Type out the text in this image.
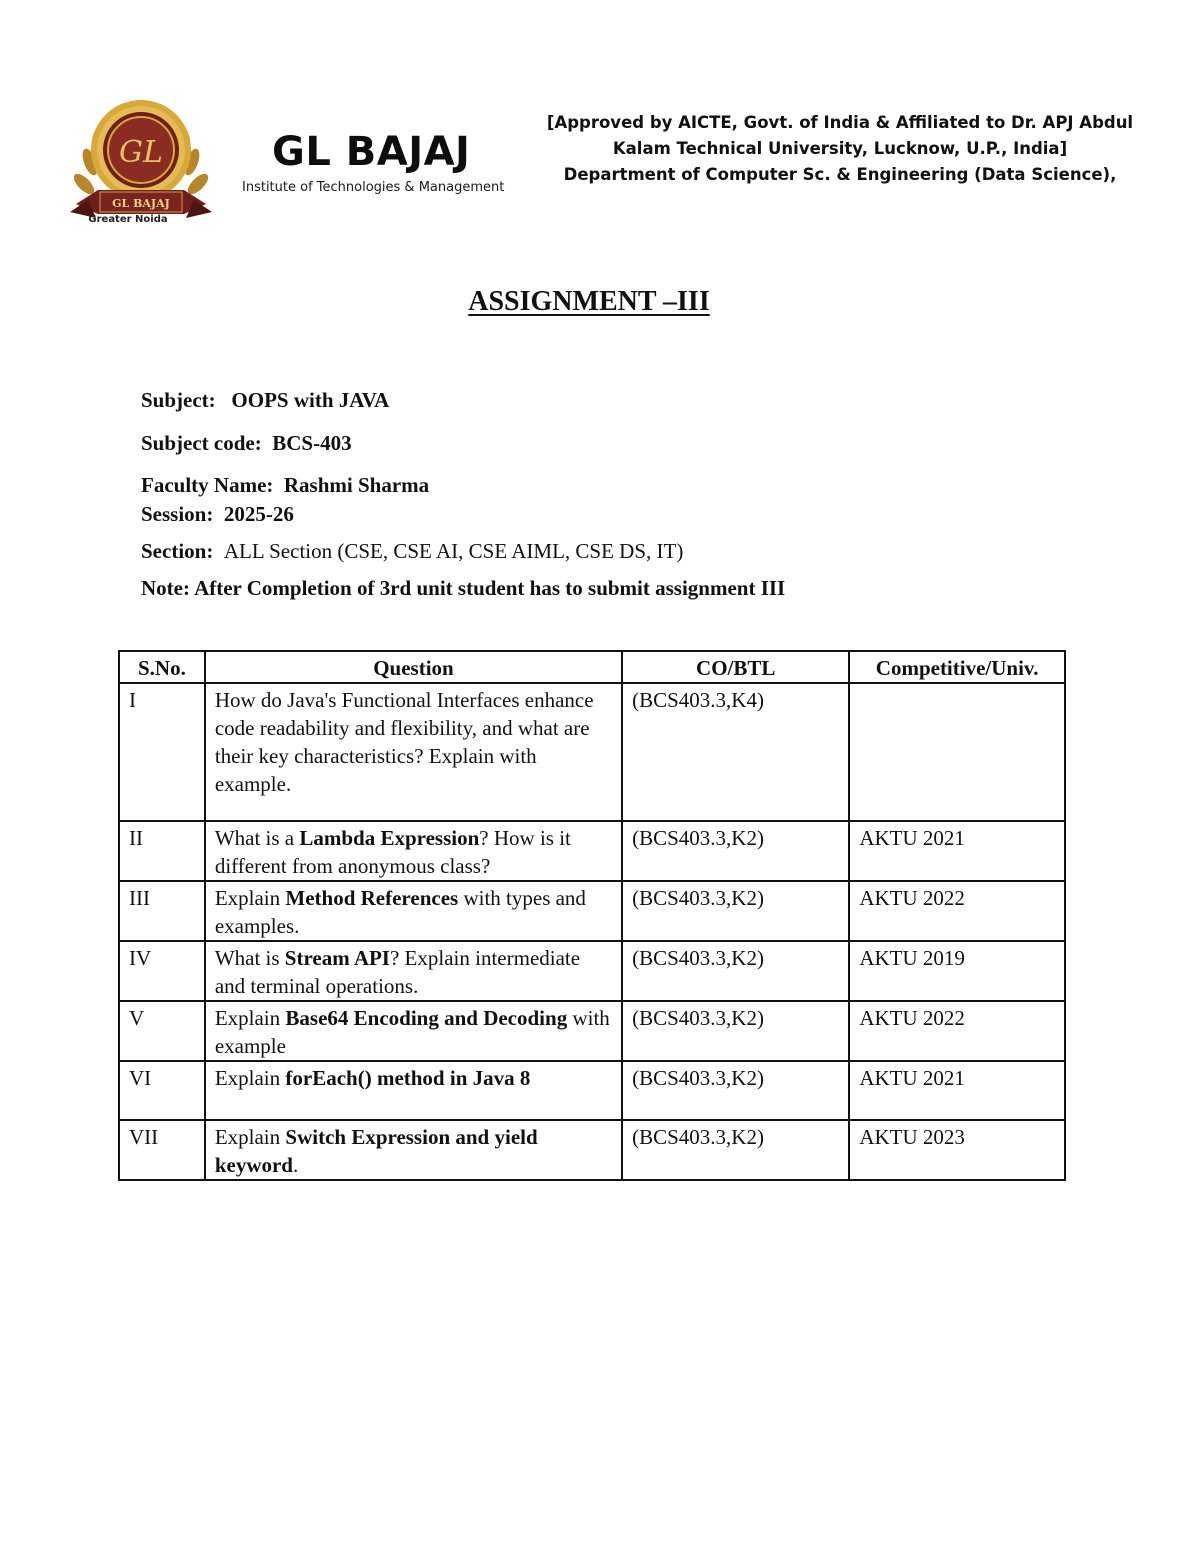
GL
GL BAJAJ
Greater Noida
GL BAJAJ
Institute of Technologies & Management
[Approved by AICTE, Govt. of India & Affiliated to Dr. APJ Abdul
Kalam Technical University, Lucknow, U.P., India]
Department of Computer Sc. & Engineering (Data Science),
ASSIGNMENT –III
Subject: OOPS with JAVA
Subject code: BCS-403
Faculty Name: Rashmi Sharma
Session: 2025-26
Section: ALL Section (CSE, CSE AI, CSE AIML, CSE DS, IT)
Note: After Completion of 3rd unit student has to submit assignment III
S.No.	Question	CO/BTL	Competitive/Univ.
I	How do Java's Functional Interfaces enhance code readability and flexibility, and what are their key characteristics? Explain with example.	(BCS403.3,K4)	
II	What is a Lambda Expression? How is it different from anonymous class?	(BCS403.3,K2)	AKTU 2021
III	Explain Method References with types and examples.	(BCS403.3,K2)	AKTU 2022
IV	What is Stream API? Explain intermediate and terminal operations.	(BCS403.3,K2)	AKTU 2019
V	Explain Base64 Encoding and Decoding with example	(BCS403.3,K2)	AKTU 2022
VI	Explain forEach() method in Java 8	(BCS403.3,K2)	AKTU 2021
VII	Explain Switch Expression and yield keyword.	(BCS403.3,K2)	AKTU 2023
